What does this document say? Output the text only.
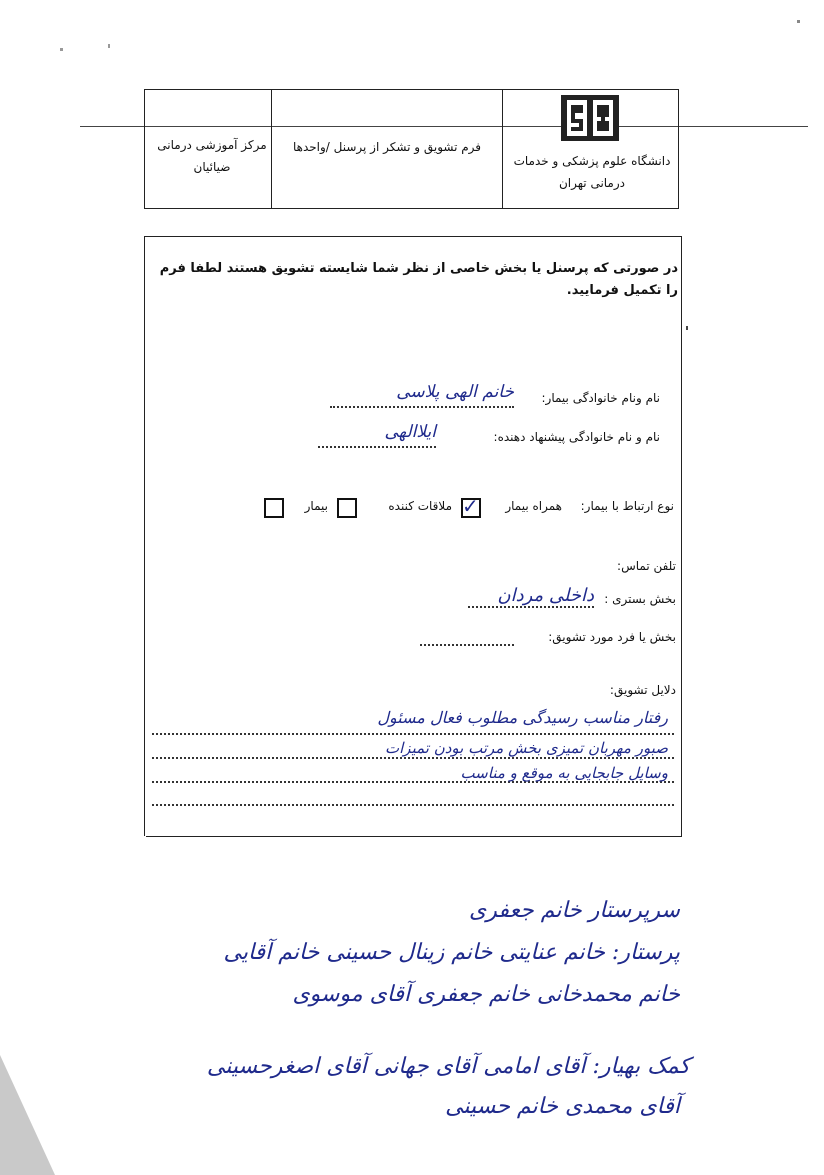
مرکز آموزشی درمانی ضیائیان
فرم تشویق و تشکر از پرسنل /واحدها
دانشگاه علوم پزشکی و خدمات درمانی تهران
در صورتی که پرسنل یا بخش خاصی از نظر شما شایسته تشویق هستند لطفا فرم را تکمیل فرمایید.
نام ونام خانوادگی بیمار:
خانم الهی پلاسی
نام و نام خانوادگی پیشنهاد دهنده:
ایلاالهی
نوع ارتباط با بیمار:
همراه بیمار
✓
ملاقات کننده
بیمار
تلفن تماس:
بخش بستری :
داخلی مردان
بخش یا فرد مورد تشویق:
دلایل تشویق:
رفتار مناسب رسیدگی مطلوب فعال مسئول
صبور مهربان تمیزی بخش مرتب بودن تمیزات
وسایل جابجایی به موقع و مناسب
سرپرستار خانم جعفری
پرستار: خانم عنایتی خانم زینال حسینی خانم آقایی
خانم محمدخانی خانم جعفری آقای موسوی
کمک بهیار: آقای امامی آقای جهانی آقای اصغرحسینی
آقای محمدی خانم حسینی
